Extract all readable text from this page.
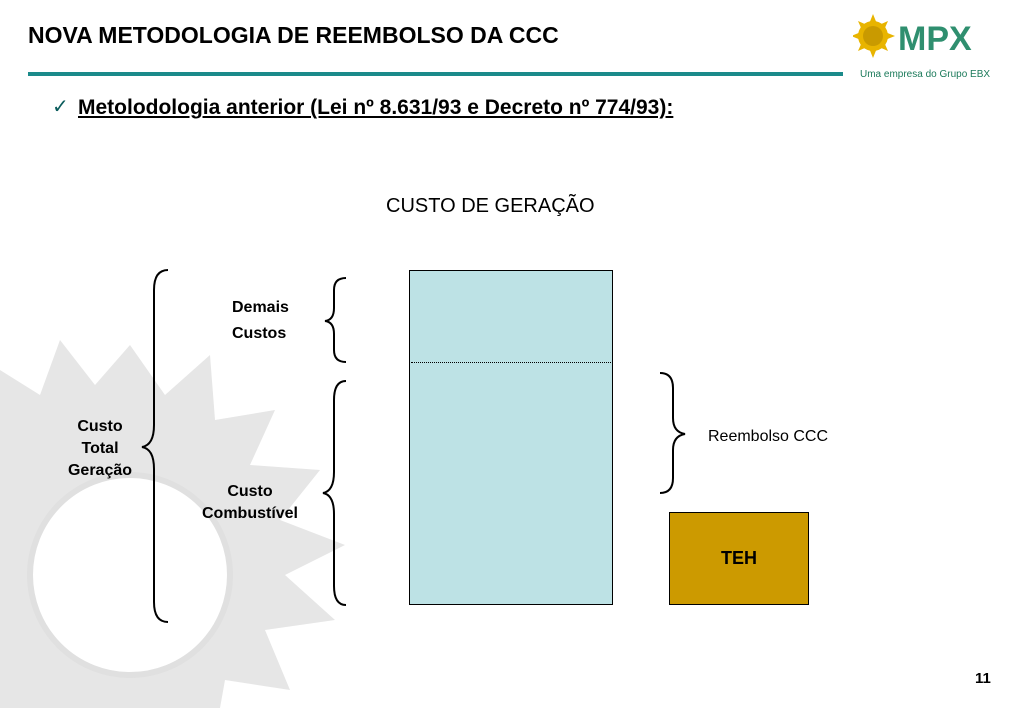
NOVA METODOLOGIA DE REEMBOLSO DA CCC	MPX
Uma empresa do Grupo EBX
✓ Metolodologia anterior (Lei nº 8.631/93 e Decreto nº 774/93):
CUSTO DE GERAÇÃO
Demais
Custos
Custo
Total
Geração
Custo
Combustível
Reembolso CCC
TEH
11
